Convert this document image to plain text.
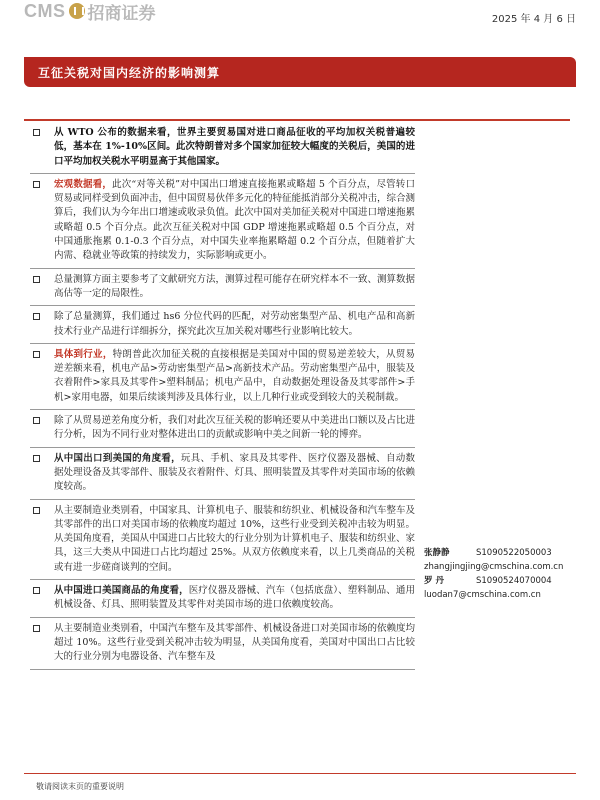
CMS 招商证券	2025 年 4 月 6 日
互征关税对国内经济的影响测算
从 WTO 公布的数据来看，世界主要贸易国对进口商品征收的平均加权关税普遍较低，基本在 1%-10%区间。此次特朗普对多个国家加征较大幅度的关税后，美国的进口平均加权关税水平明显高于其他国家。
宏观数据看，此次“对等关税”对中国出口增速直接拖累或略超 5 个百分点，尽管转口贸易或同样受到负面冲击，但中国贸易伙伴多元化的特征能抵消部分关税冲击，综合测算后，我们认为今年出口增速或收录负值。此次中国对美加征关税对中国进口增速拖累或略超 0.5 个百分点。此次互征关税对中国 GDP 增速拖累或略超 0.5 个百分点，对中国通胀拖累 0.1-0.3 个百分点，对中国失业率拖累略超 0.2 个百分点，但随着扩大内需、稳就业等政策的持续发力，实际影响或更小。
总量测算方面主要参考了文献研究方法，测算过程可能存在研究样本不一致、测算数据高估等一定的局限性。
除了总量测算，我们通过 hs6 分位代码的匹配，对劳动密集型产品、机电产品和高新技术行业产品进行详细拆分，探究此次互加关税对哪些行业影响比较大。
具体到行业，特朗普此次加征关税的直接根据是美国对中国的贸易逆差较大，从贸易逆差额来看，机电产品>劳动密集型产品>高新技术产品。劳动密集型产品中，服装及衣着附件>家具及其零件>塑料制品；机电产品中，自动数据处理设备及其零部件>手机>家用电器，如果后续谈判涉及具体行业，以上几种行业或受到较大的关税制裁。
除了从贸易逆差角度分析，我们对此次互征关税的影响还要从中美进出口额以及占比进行分析，因为不同行业对整体进出口的贡献或影响中美之间新一轮的博弈。
从中国出口到美国的角度看，玩具、手机、家具及其零件、医疗仪器及器械、自动数据处理设备及其零部件、服装及衣着附件、灯具、照明装置及其零件对美国市场的依赖度较高。
从主要制造业类别看，中国家具、计算机电子、服装和纺织业、机械设备和汽车整车及其零部件的出口对美国市场的依赖度均超过 10%，这些行业受到关税冲击较为明显。从美国角度看，美国从中国进口占比较大的行业分别为计算机电子、服装和纺织业、家具，这三大类从中国进口占比均超过 25%。从双方依赖度来看，以上几类商品的关税或有进一步磋商谈判的空间。
从中国进口美国商品的角度看，医疗仪器及器械、汽车（包括底盘）、塑料制品、通用机械设备、灯具、照明装置及其零件对美国市场的进口依赖度较高。
从主要制造业类别看，中国汽车整车及其零部件、机械设备进口对美国市场的依赖度均超过 10%。这些行业受到关税冲击较为明显，从美国角度看，美国对中国出口占比较大的行业分别为电器设备、汽车整车及
张静静	S1090522050003
zhangjingjing@cmschina.com.cn
罗 丹	S1090524070004
luodan7@cmschina.com.cn
敬请阅读末页的重要说明
